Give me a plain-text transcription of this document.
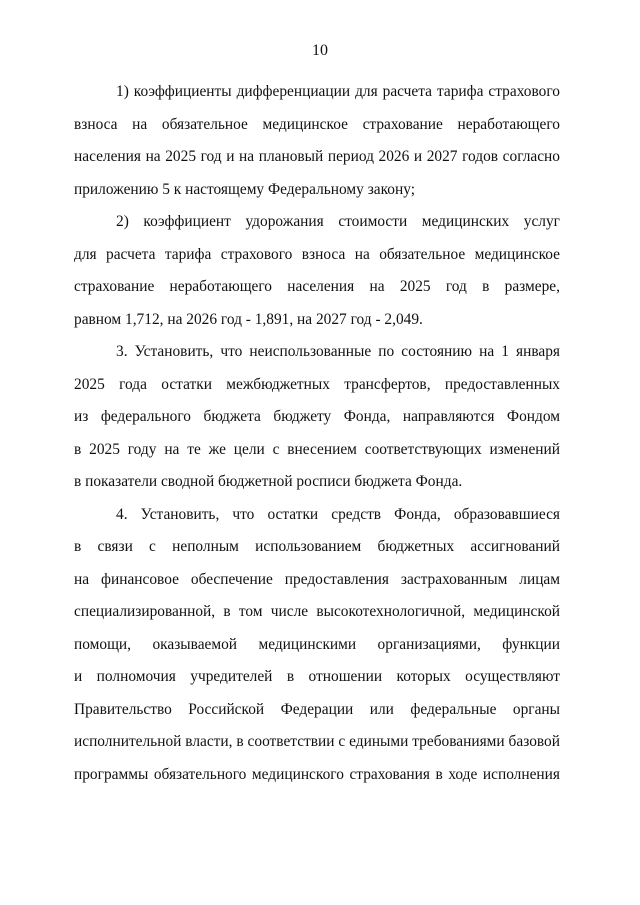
10

1) коэффициенты дифференциации для расчета тарифа страхового
взноса на обязательное медицинское страхование неработающего
населения на 2025 год и на плановый период 2026 и 2027 годов согласно
приложению 5 к настоящему Федеральному закону;

2) коэффициент удорожания стоимости медицинских услуг
для расчета тарифа страхового взноса на обязательное медицинское
страхование неработающего населения на 2025 год в размере,
равном 1,712, на 2026 год - 1,891, на 2027 год - 2,049.

3. Установить, что неиспользованные по состоянию на 1 января
2025 года остатки межбюджетных трансфертов, предоставленных
из федерального бюджета бюджету Фонда, направляются Фондом
в 2025 году на те же цели с внесением соответствующих изменений
в показатели сводной бюджетной росписи бюджета Фонда.

4. Установить, что остатки средств Фонда, образовавшиеся
в связи с неполным использованием бюджетных ассигнований
на финансовое обеспечение предоставления застрахованным лицам
специализированной, в том числе высокотехнологичной, медицинской
помощи, оказываемой медицинскими организациями, функции
и полномочия учредителей в отношении которых осуществляют
Правительство Российской Федерации или федеральные органы
исполнительной власти, в соответствии с едиными требованиями базовой
программы обязательного медицинского страхования в ходе исполнения
